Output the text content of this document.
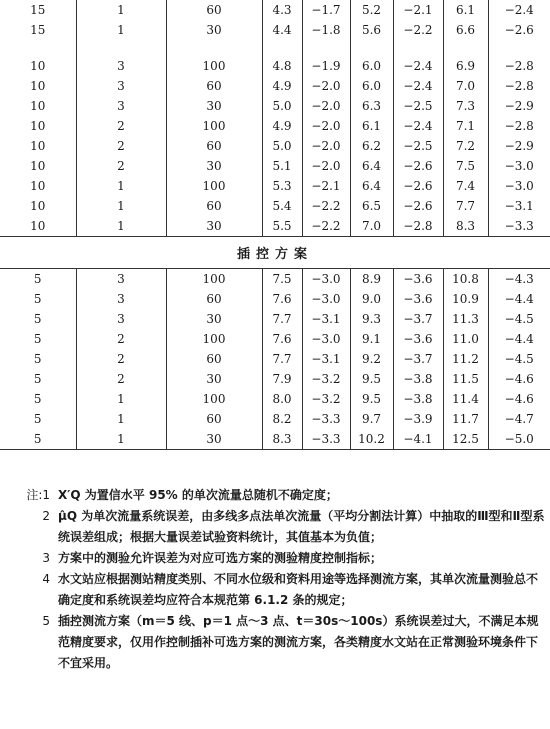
15	1	60	4.3	−1.7	5.2	−2.1	6.1	−2.4
15	1	30	4.4	−1.8	5.6	−2.2	6.6	−2.6

10	3	100	4.8	−1.9	6.0	−2.4	6.9	−2.8
10	3	60	4.9	−2.0	6.0	−2.4	7.0	−2.8
10	3	30	5.0	−2.0	6.3	−2.5	7.3	−2.9
10	2	100	4.9	−2.0	6.1	−2.4	7.1	−2.8
10	2	60	5.0	−2.0	6.2	−2.5	7.2	−2.9
10	2	30	5.1	−2.0	6.4	−2.6	7.5	−3.0
10	1	100	5.3	−2.1	6.4	−2.6	7.4	−3.0
10	1	60	5.4	−2.2	6.5	−2.6	7.7	−3.1
10	1	30	5.5	−2.2	7.0	−2.8	8.3	−3.3
插控方案								
5	3	100	7.5	−3.0	8.9	−3.6	10.8	−4.3
5	3	60	7.6	−3.0	9.0	−3.6	10.9	−4.4
5	3	30	7.7	−3.1	9.3	−3.7	11.3	−4.5
5	2	100	7.6	−3.0	9.1	−3.6	11.0	−4.4
5	2	60	7.7	−3.1	9.2	−3.7	11.2	−4.5
5	2	30	7.9	−3.2	9.5	−3.8	11.5	−4.6
5	1	100	8.0	−3.2	9.5	−3.8	11.4	−4.6
5	1	60	8.2	−3.3	9.7	−3.9	11.7	−4.7
5	1	30	8.3	−3.3	10.2	−4.1	12.5	−5.0
注:1 X′Q 为置信水平 95% 的单次流量总随机不确定度；
2 μ̂Q 为单次流量系统误差，由多线多点法单次流量（平均分割法计算）中抽取的Ⅲ型和Ⅱ型系统误差组成；根据大量误差试验资料统计，其值基本为负值；
3 方案中的测验允许误差为对应可选方案的测验精度控制指标；
4 水文站应根据测站精度类别、不同水位级和资料用途等选择测流方案，其单次流量测验总不确定度和系统误差均应符合本规范第 6.1.2 条的规定；
5 插控测流方案（m＝5 线、p＝1 点～3 点、t＝30s～100s）系统误差过大，不满足本规范精度要求，仅用作控制插补可选方案的测流方案，各类精度水文站在正常测验环境条件下不宜采用。
